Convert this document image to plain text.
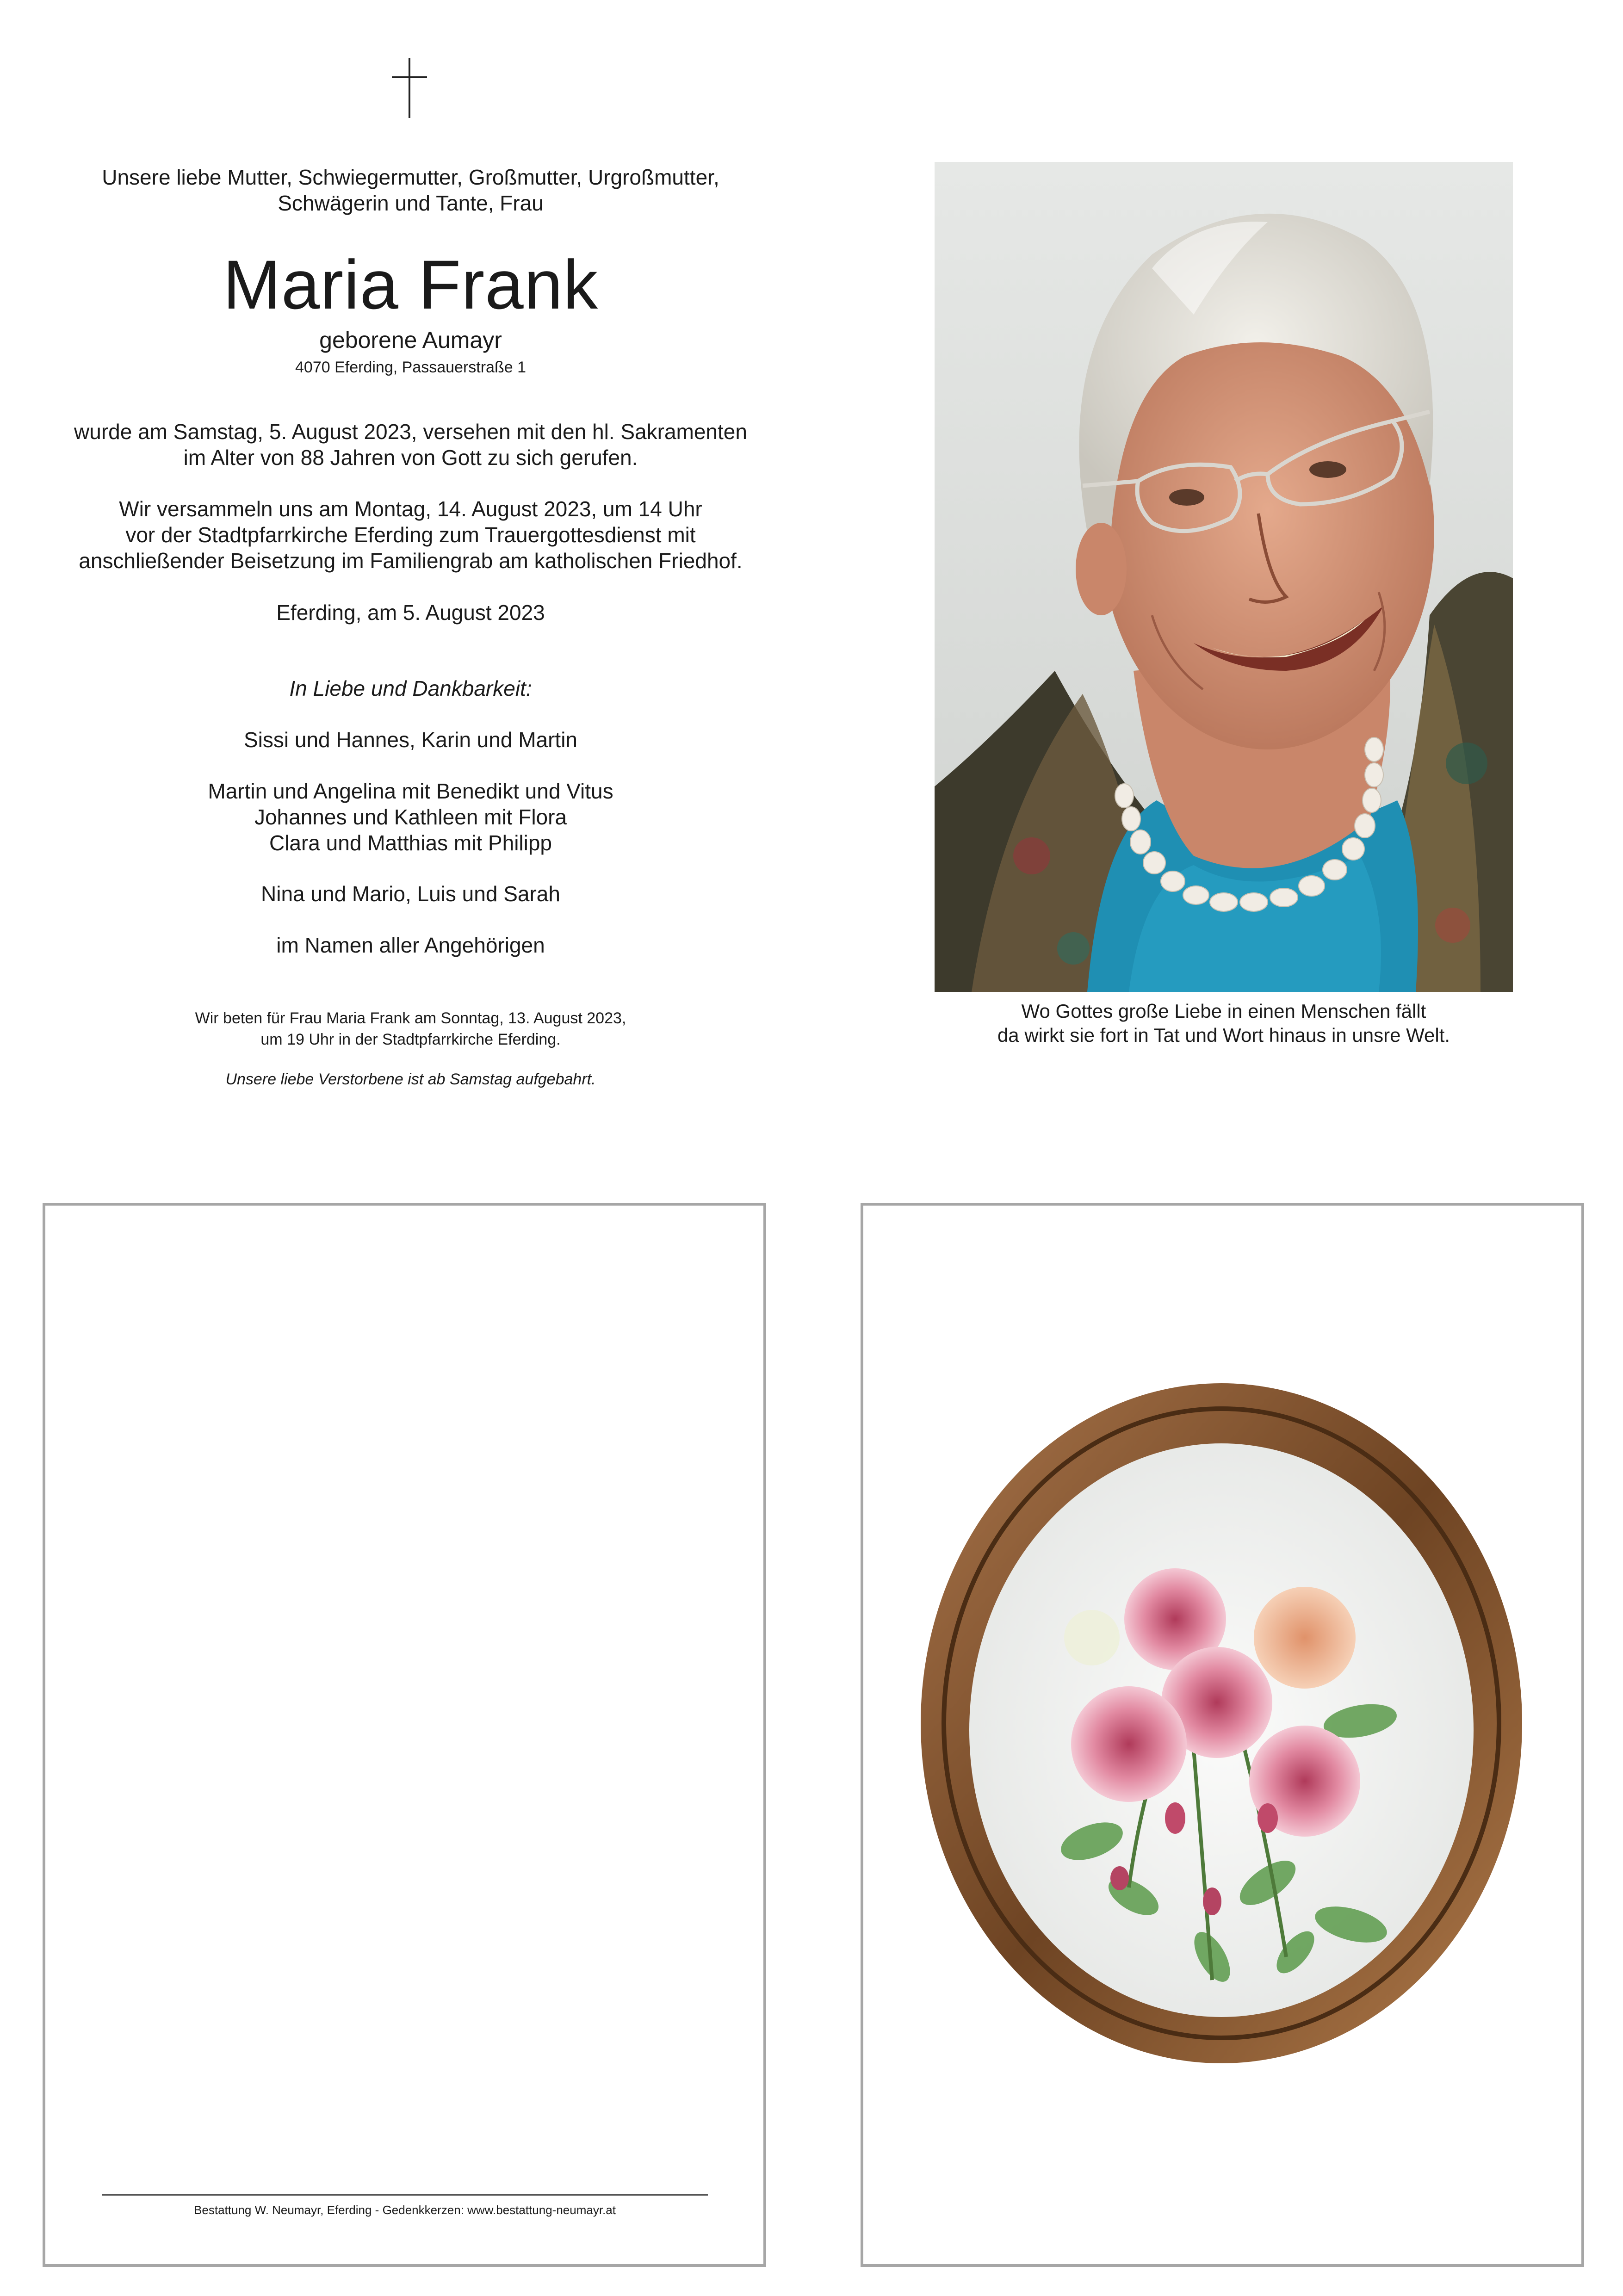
Unsere liebe Mutter, Schwiegermutter, Großmutter, Urgroßmutter,
Schwägerin und Tante, Frau
Maria Frank
geborene Aumayr
4070 Eferding, Passauerstraße 1
wurde am Samstag, 5. August 2023, versehen mit den hl. Sakramenten
im Alter von 88 Jahren von Gott zu sich gerufen.
Wir versammeln uns am Montag, 14. August 2023, um 14 Uhr
vor der Stadtpfarrkirche Eferding zum Trauergottesdienst mit
anschließender Beisetzung im Familiengrab am katholischen Friedhof.
Eferding, am 5. August 2023
In Liebe und Dankbarkeit:
Sissi und Hannes, Karin und Martin
Martin und Angelina mit Benedikt und Vitus
Johannes und Kathleen mit Flora
Clara und Matthias mit Philipp
Nina und Mario, Luis und Sarah
im Namen aller Angehörigen
Wir beten für Frau Maria Frank am Sonntag, 13. August 2023,
um 19 Uhr in der Stadtpfarrkirche Eferding.
Unsere liebe Verstorbene ist ab Samstag aufgebahrt.
Wo Gottes große Liebe in einen Menschen fällt
da wirkt sie fort in Tat und Wort hinaus in unsre Welt.
Bestattung W. Neumayr, Eferding - Gedenkkerzen: www.bestattung-neumayr.at
